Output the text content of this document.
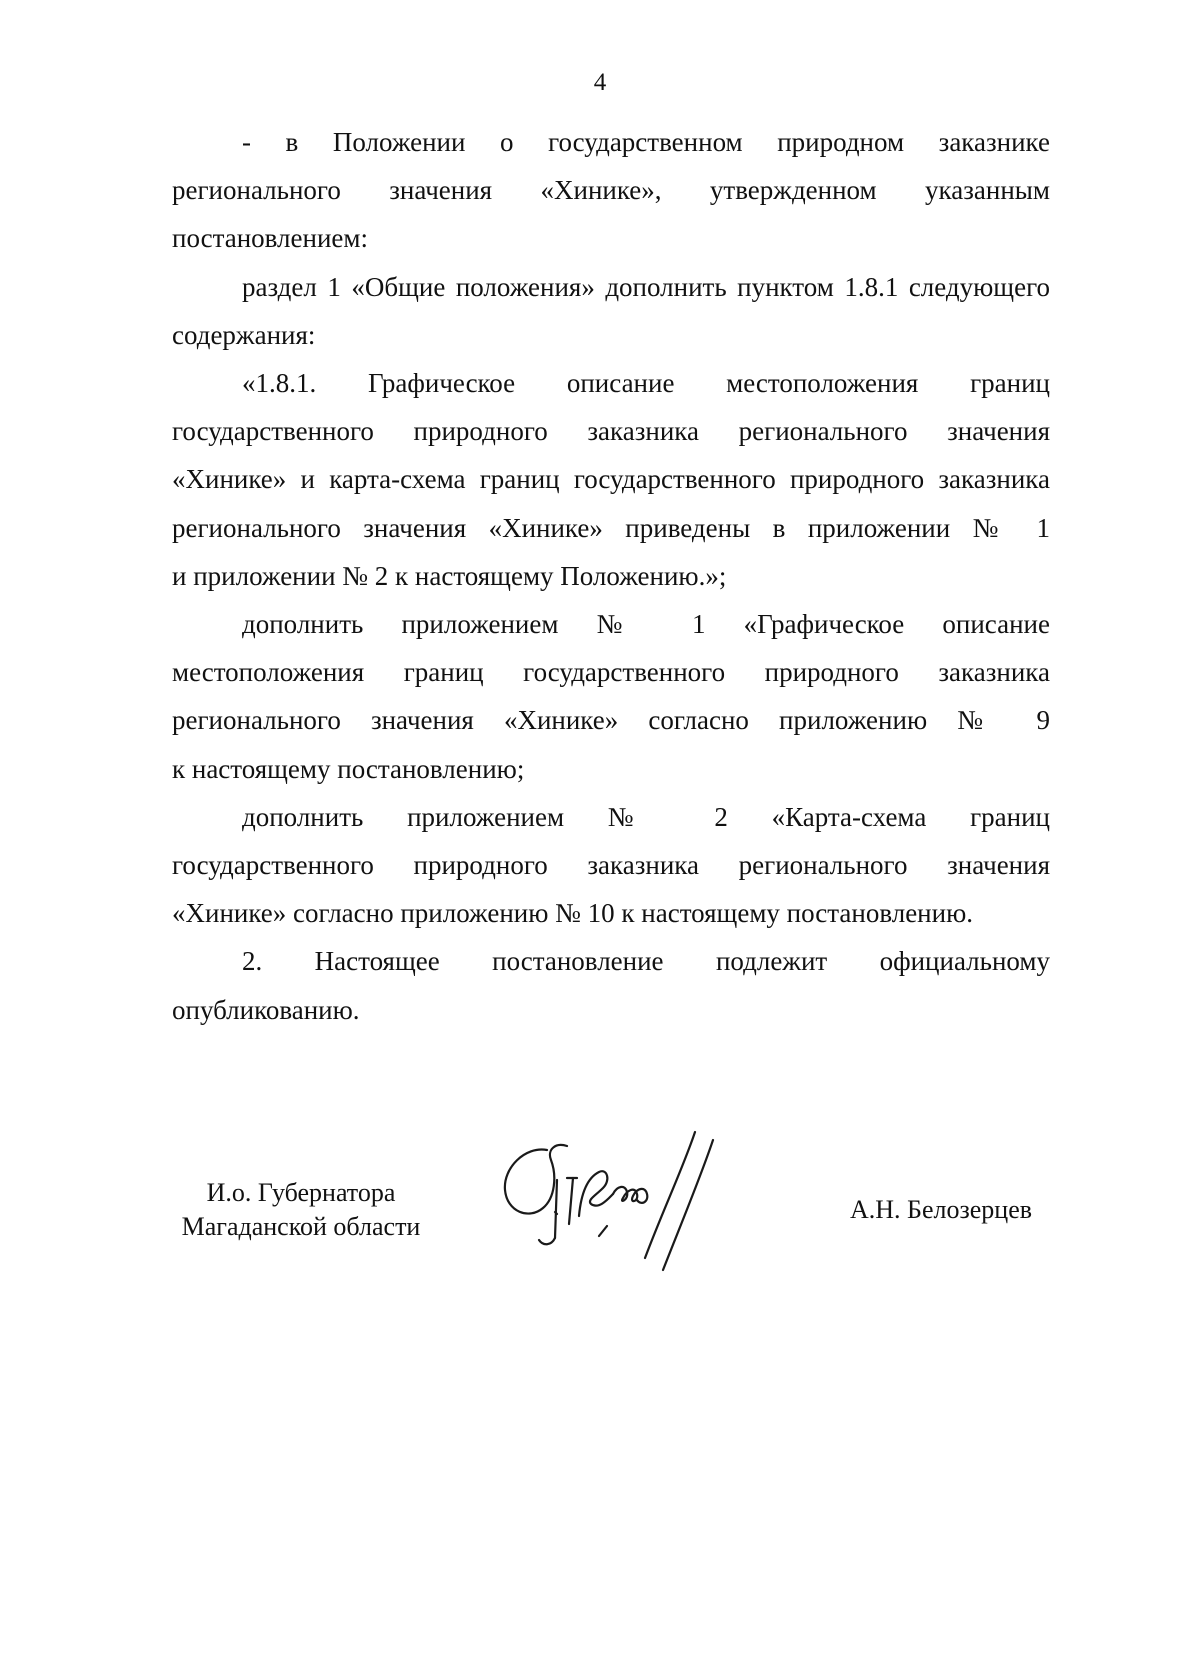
4
- в Положении о государственном природном заказнике
регионального значения «Хинике», утвержденном указанным
постановлением:
раздел 1 «Общие положения» дополнить пунктом 1.8.1 следующего
содержания:
«1.8.1. Графическое описание местоположения границ
государственного природного заказника регионального значения
«Хинике» и карта-схема границ государственного природного заказника
регионального значения «Хинике» приведены в приложении № 1
и приложении № 2 к настоящему Положению.»;
дополнить приложением № 1 «Графическое описание
местоположения границ государственного природного заказника
регионального значения «Хинике» согласно приложению № 9
к настоящему постановлению;
дополнить приложением № 2 «Карта-схема границ
государственного природного заказника регионального значения
«Хинике» согласно приложению № 10 к настоящему постановлению.
2. Настоящее постановление подлежит официальному
опубликованию.
И.о. Губернатора
Магаданской области
А.Н. Белозерцев
